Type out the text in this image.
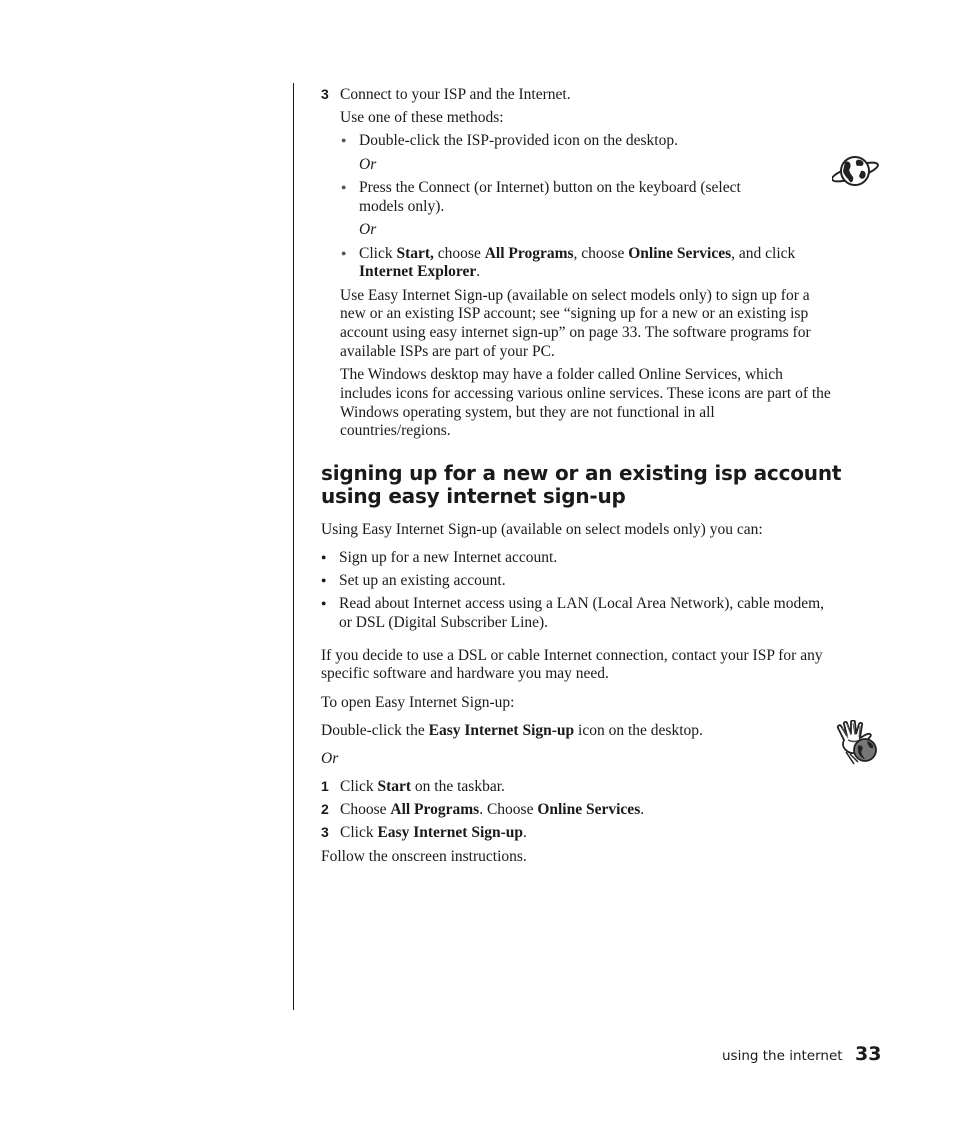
3 Connect to your ISP and the Internet.

Use one of these methods:

● Double-click the ISP-provided icon on the desktop.

Or

● Press the Connect (or Internet) button on the keyboard (select

models only).

Or

● Click Start, choose All Programs, choose Online Services, and click

Internet Explorer.

Use Easy Internet Sign-up (available on select models only) to sign up for a

new or an existing ISP account; see “signing up for a new or an existing isp

account using easy internet sign-up” on page 33. The software programs for

available ISPs are part of your PC.

The Windows desktop may have a folder called Online Services, which

includes icons for accessing various online services. These icons are part of the

Windows operating system, but they are not functional in all

countries/regions.

signing up for a new or an existing isp account
using easy internet sign-up

Using Easy Internet Sign-up (available on select models only) you can:

● Sign up for a new Internet account.

● Set up an existing account.

● Read about Internet access using a LAN (Local Area Network), cable modem,

or DSL (Digital Subscriber Line).

If you decide to use a DSL or cable Internet connection, contact your ISP for any

specific software and hardware you may need.

To open Easy Internet Sign-up:

Double-click the Easy Internet Sign-up icon on the desktop.

Or

1 Click Start on the taskbar.

2 Choose All Programs. Choose Online Services.

3 Click Easy Internet Sign-up.

Follow the onscreen instructions.

using the internet 33
